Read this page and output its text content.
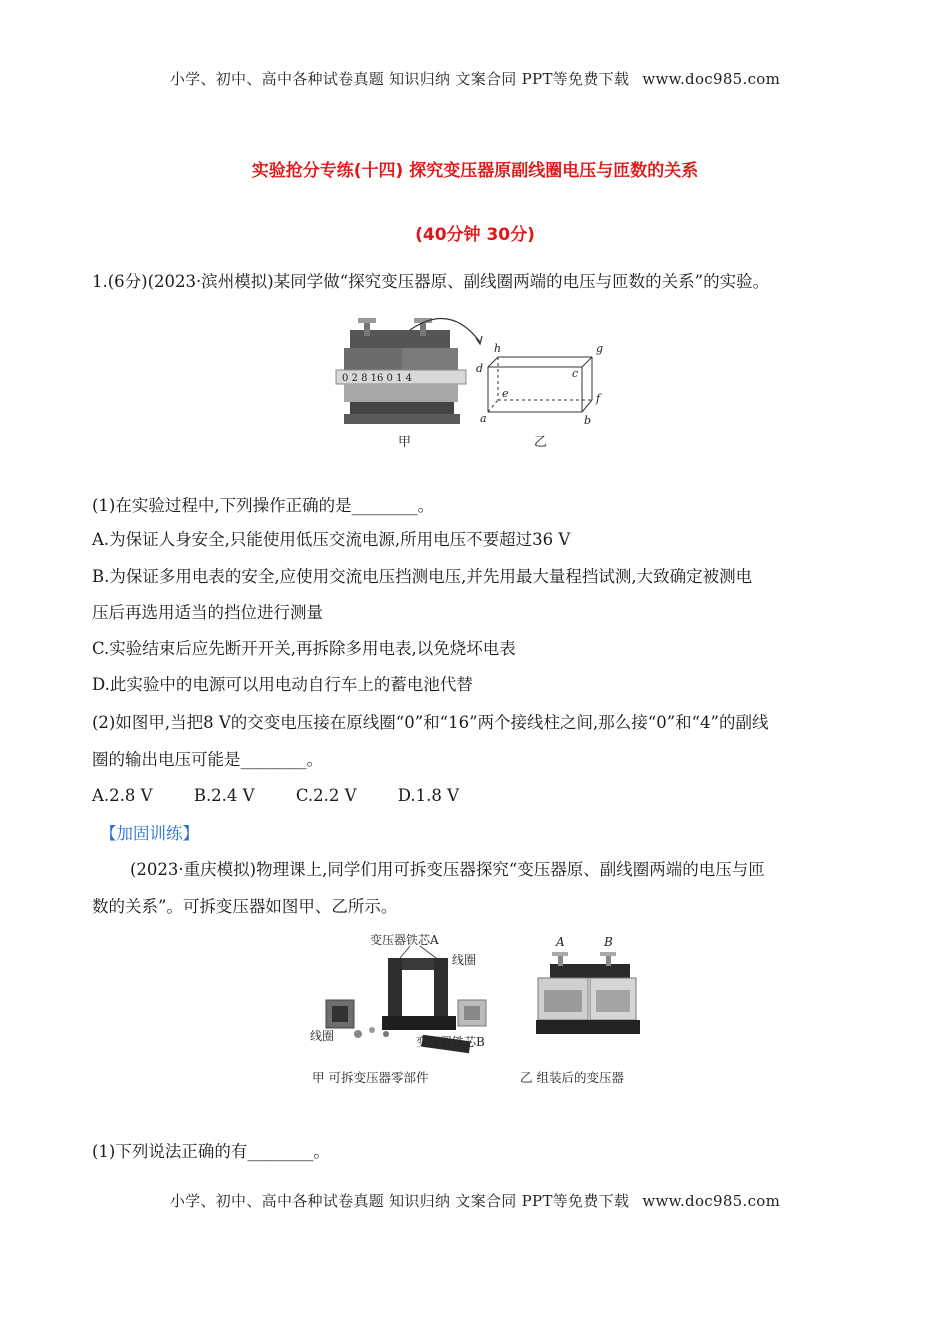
小学、初中、高中各种试卷真题 知识归纳 文案合同 PPT等免费下载 www.doc985.com
实验抢分专练(十四) 探究变压器原副线圈电压与匝数的关系
(40分钟 30分)
1.(6分)(2023·滨州模拟)某同学做“探究变压器原、副线圈两端的电压与匝数的关系”的实验。
0 2 8 16 0 1 4
h	g
d	c
e	f
a	b
甲	乙
(1)在实验过程中,下列操作正确的是________。
A.为保证人身安全,只能使用低压交流电源,所用电压不要超过36 V
B.为保证多用电表的安全,应使用交流电压挡测电压,并先用最大量程挡试测,大致确定被测电
压后再选用适当的挡位进行测量
C.实验结束后应先断开开关,再拆除多用电表,以免烧坏电表
D.此实验中的电源可以用电动自行车上的蓄电池代替
(2)如图甲,当把8 V的交变电压接在原线圈“0”和“16”两个接线柱之间,那么接“0”和“4”的副线
圈的输出电压可能是________。
A.2.8 V	B.2.4 V	C.2.2 V	D.1.8 V
【加固训练】
(2023·重庆模拟)物理课上,同学们用可拆变压器探究“变压器原、副线圈两端的电压与匝
数的关系”。可拆变压器如图甲、乙所示。
变压器铁芯A
线圈
线圈	变压器铁芯B
A	B
甲 可拆变压器零部件	乙 组装后的变压器
(1)下列说法正确的有________。
小学、初中、高中各种试卷真题 知识归纳 文案合同 PPT等免费下载 www.doc985.com
